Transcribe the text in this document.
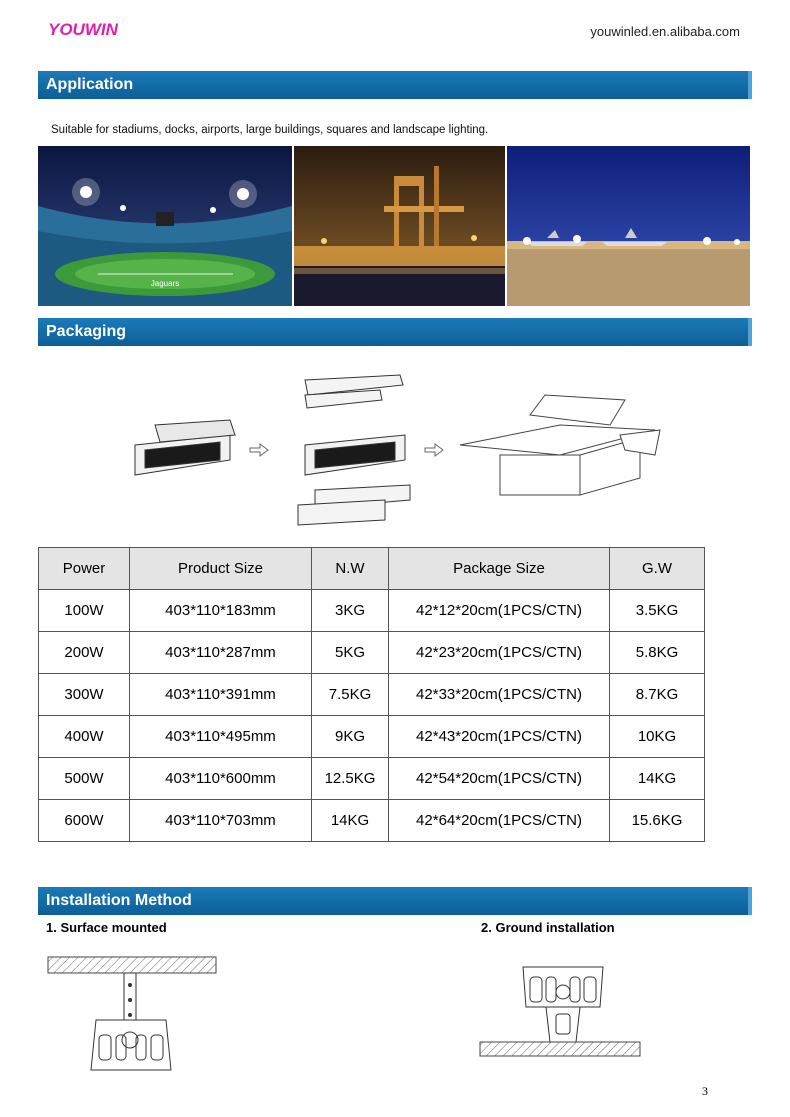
YOUWIN	youwinled.en.alibaba.com
Application
Suitable for stadiums, docks, airports, large buildings, squares and landscape lighting.
Jaguars
Packaging
Power	Product Size	N.W	Package Size	G.W
100W	403*110*183mm	3KG	42*12*20cm(1PCS/CTN)	3.5KG
200W	403*110*287mm	5KG	42*23*20cm(1PCS/CTN)	5.8KG
300W	403*110*391mm	7.5KG	42*33*20cm(1PCS/CTN)	8.7KG
400W	403*110*495mm	9KG	42*43*20cm(1PCS/CTN)	10KG
500W	403*110*600mm	12.5KG	42*54*20cm(1PCS/CTN)	14KG
600W	403*110*703mm	14KG	42*64*20cm(1PCS/CTN)	15.6KG
Installation Method
1. Surface mounted	2. Ground installation
3
